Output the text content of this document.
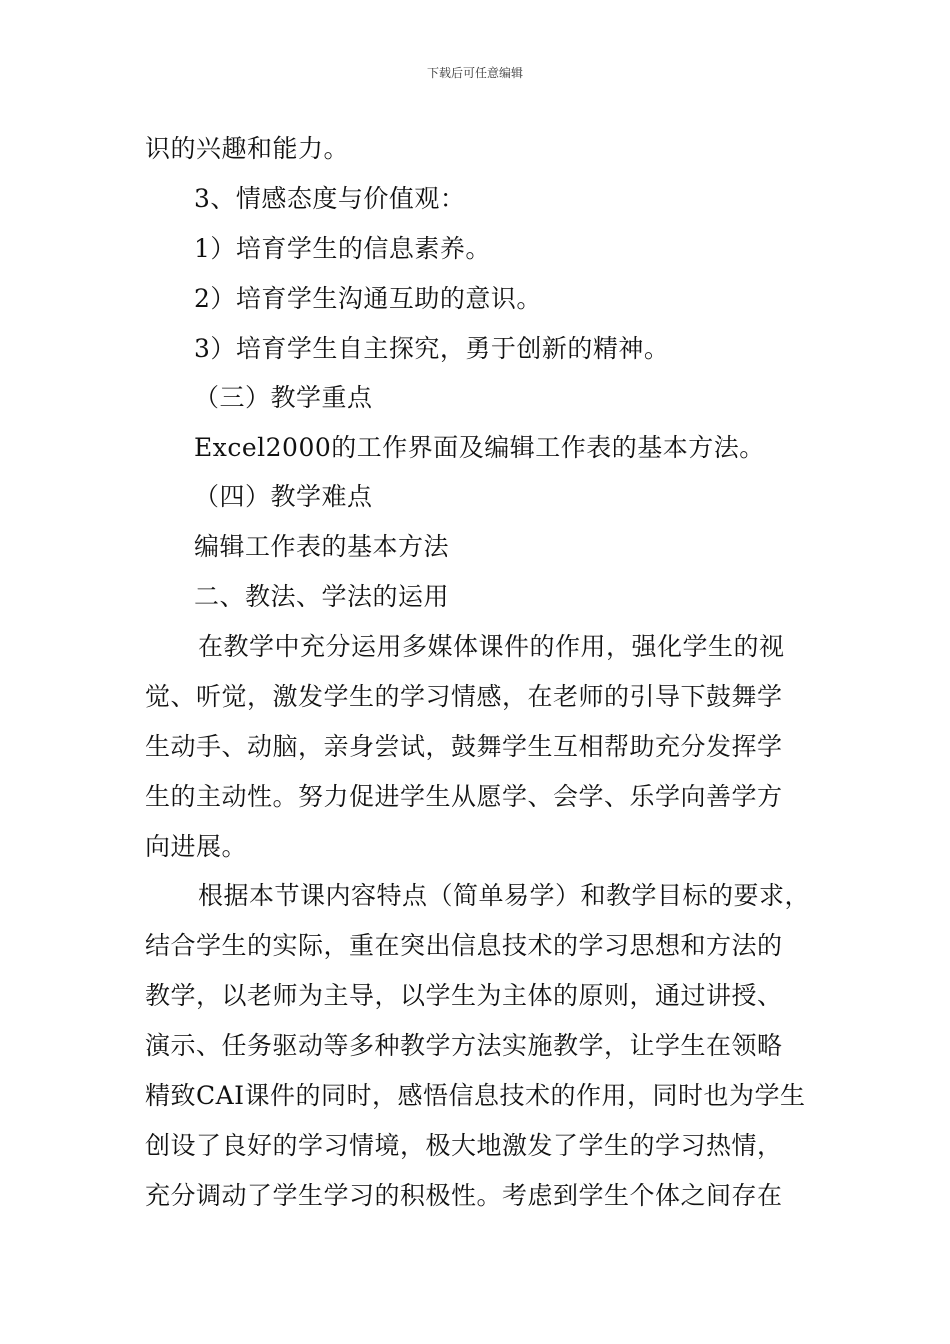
下载后可任意编辑
识的兴趣和能力。
3、情感态度与价值观：
1）培育学生的信息素养。
2）培育学生沟通互助的意识。
3）培育学生自主探究，勇于创新的精神。
（三）教学重点
Excel2000的工作界面及编辑工作表的基本方法。
（四）教学难点
编辑工作表的基本方法
二、教法、学法的运用
在教学中充分运用多媒体课件的作用，强化学生的视
觉、听觉，激发学生的学习情感，在老师的引导下鼓舞学
生动手、动脑，亲身尝试，鼓舞学生互相帮助充分发挥学
生的主动性。努力促进学生从愿学、会学、乐学向善学方
向进展。
根据本节课内容特点（简单易学）和教学目标的要求，
结合学生的实际，重在突出信息技术的学习思想和方法的
教学，以老师为主导，以学生为主体的原则，通过讲授、
演示、任务驱动等多种教学方法实施教学，让学生在领略
精致CAI课件的同时，感悟信息技术的作用，同时也为学生
创设了良好的学习情境，极大地激发了学生的学习热情，
充分调动了学生学习的积极性。考虑到学生个体之间存在
